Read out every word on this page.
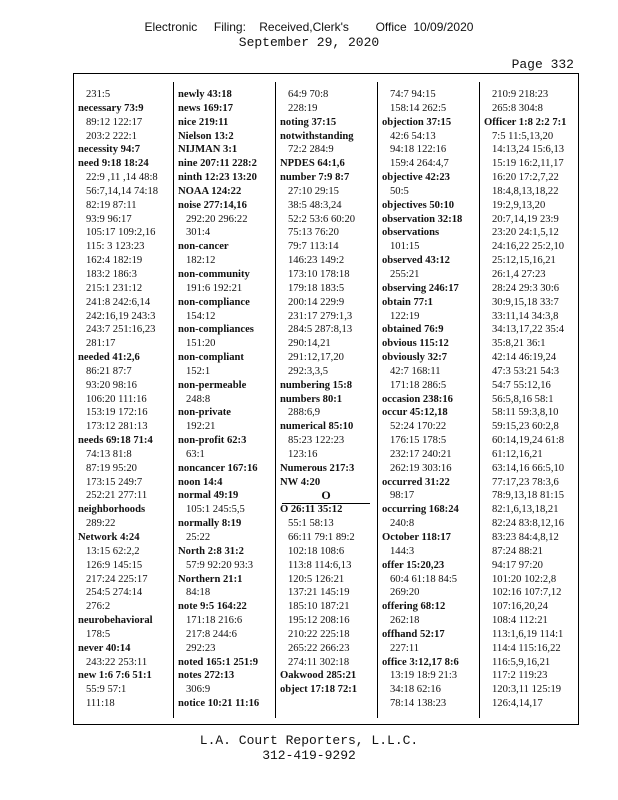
Electronic     Filing:    Received,Clerk's        Office  10/09/2020
September 29, 2020
Page 332
231:5
necessary 73:9
89:12 122:17
203:2 222:1
necessity 94:7
need 9:18 18:24
22:9 ,11 ,14 48:8
56:7,14,14 74:18
82:19 87:11
93:9 96:17
105:17 109:2,16
115: 3 123:23
162:4 182:19
183:2 186:3
215:1 231:12
241:8 242:6,14
242:16,19 243:3
243:7 251:16,23
281:17
needed 41:2,6
86:21 87:7
93:20 98:16
106:20 111:16
153:19 172:16
173:12 281:13
needs 69:18 71:4
74:13 81:8
87:19 95:20
173:15 249:7
252:21 277:11
neighborhoods
289:22
Network 4:24
13:15 62:2,2
126:9 145:15
217:24 225:17
254:5 274:14
276:2
neurobehavioral
178:5
never 40:14
243:22 253:11
new 1:6 7:6 51:1
55:9 57:1
111:18
newly 43:18
news 169:17
nice 219:11
Nielson 13:2
NIJMAN 3:1
nine 207:11 228:2
ninth 12:23 13:20
NOAA 124:22
noise 277:14,16
292:20 296:22
301:4
non-cancer
182:12
non-community
191:6 192:21
non-compliance
154:12
non-compliances
151:20
non-compliant
152:1
non-permeable
248:8
non-private
192:21
non-profit 62:3
63:1
noncancer 167:16
noon 14:4
normal 49:19
105:1 245:5,5
normally 8:19
25:22
North 2:8 31:2
57:9 92:20 93:3
Northern 21:1
84:18
note 9:5 164:22
171:18 216:6
217:8 244:6
292:23
noted 165:1 251:9
notes 272:13
306:9
notice 10:21 11:16
64:9 70:8
228:19
noting 37:15
notwithstanding
72:2 284:9
NPDES 64:1,6
number 7:9 8:7
27:10 29:15
38:5 48:3,24
52:2 53:6 60:20
75:13 76:20
79:7 113:14
146:23 149:2
173:10 178:18
179:18 183:5
200:14 229:9
231:17 279:1,3
284:5 287:8,13
290:14,21
291:12,17,20
292:3,3,5
numbering 15:8
numbers 80:1
288:6,9
numerical 85:10
85:23 122:23
123:16
Numerous 217:3
NW 4:20
O
O 26:11 35:12
55:1 58:13
66:11 79:1 89:2
102:18 108:6
113:8 114:6,13
120:5 126:21
137:21 145:19
185:10 187:21
195:12 208:16
210:22 225:18
265:22 266:23
274:11 302:18
Oakwood 285:21
object 17:18 72:1
74:7 94:15
158:14 262:5
objection 37:15
42:6 54:13
94:18 122:16
159:4 264:4,7
objective 42:23
50:5
objectives 50:10
observation 32:18
observations
101:15
observed 43:12
255:21
observing 246:17
obtain 77:1
122:19
obtained 76:9
obvious 115:12
obviously 32:7
42:7 168:11
171:18 286:5
occasion 238:16
occur 45:12,18
52:24 170:22
176:15 178:5
232:17 240:21
262:19 303:16
occurred 31:22
98:17
occurring 168:24
240:8
October 118:17
144:3
offer 15:20,23
60:4 61:18 84:5
269:20
offering 68:12
262:18
offhand 52:17
227:11
office 3:12,17 8:6
13:19 18:9 21:3
34:18 62:16
78:14 138:23
210:9 218:23
265:8 304:8
Officer 1:8 2:2 7:1
7:5 11:5,13,20
14:13,24 15:6,13
15:19 16:2,11,17
16:20 17:2,7,22
18:4,8,13,18,22
19:2,9,13,20
20:7,14,19 23:9
23:20 24:1,5,12
24:16,22 25:2,10
25:12,15,16,21
26:1,4 27:23
28:24 29:3 30:6
30:9,15,18 33:7
33:11,14 34:3,8
34:13,17,22 35:4
35:8,21 36:1
42:14 46:19,24
47:3 53:21 54:3
54:7 55:12,16
56:5,8,16 58:1
58:11 59:3,8,10
59:15,23 60:2,8
60:14,19,24 61:8
61:12,16,21
63:14,16 66:5,10
77:17,23 78:3,6
78:9,13,18 81:15
82:1,6,13,18,21
82:24 83:8,12,16
83:23 84:4,8,12
87:24 88:21
94:17 97:20
101:20 102:2,8
102:16 107:7,12
107:16,20,24
108:4 112:21
113:1,6,19 114:1
114:4 115:16,22
116:5,9,16,21
117:2 119:23
120:3,11 125:19
126:4,14,17
L.A. Court Reporters, L.L.C.
312-419-9292
